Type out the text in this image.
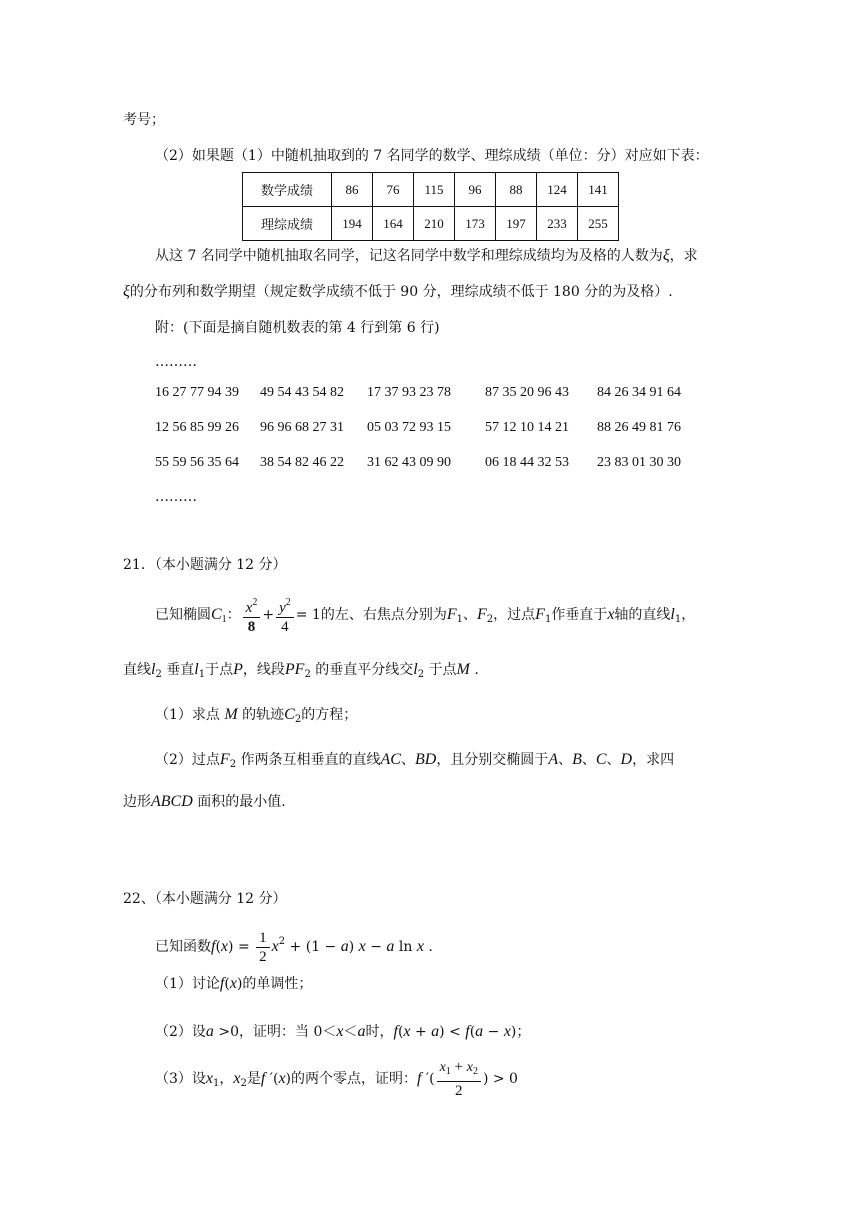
考号；
（2）如果题（1）中随机抽取到的 7 名同学的数学、理综成绩（单位：分）对应如下表：
数学成绩	86	76	115	96	88	124	141
理综成绩	194	164	210	173	197	233	255
从这 7 名同学中随机抽取名同学，记这名同学中数学和理综成绩均为及格的人数为ξ，求
ξ的分布列和数学期望（规定数学成绩不低于 90 分，理综成绩不低于 180 分的为及格）.
附：(下面是摘自随机数表的第 4 行到第 6 行)
………
16 27 77 94 39 49 54 43 54 82 17 37 93 23 78 87 35 20 96 43 84 26 34 91 64
12 56 85 99 26 96 96 68 27 31 05 03 72 93 15 57 12 10 14 21 88 26 49 81 76
55 59 56 35 64 38 54 82 46 22 31 62 43 09 90 06 18 44 32 53 23 83 01 30 30
………
21．（本小题满分 12 分）
已知椭圆$C_1$： $\frac{x^2}{8} + \frac{y^2}{4} = 1$的左、右焦点分别为$F_1$、$F_2$，过点$F_1$作垂直于x轴的直线$l_1$，
直线$l_2$ 垂直$l_1$于点P，线段$PF_2$ 的垂直平分线交$l_2$ 于点M .
（1）求点 M 的轨迹$C_2$的方程；
（2）过点$F_2$ 作两条互相垂直的直线AC、BD，且分别交椭圆于A、B、C、D，求四
边形ABCD 面积的最小值.
22、（本小题满分 12 分）
已知函数$f(x) = \frac{1}{2} x^2 + (1 - a) x - a$ ln x .
（1）讨论f(x)的单调性；
（2）设a >0，证明：当 0＜x＜a时，f(x + a) < f(a − x)；
（3）设$x_1$，$x_2$是f ′(x)的两个零点，证明：f ′( $\frac{x_1 + x_2}{2}$ ) > 0
